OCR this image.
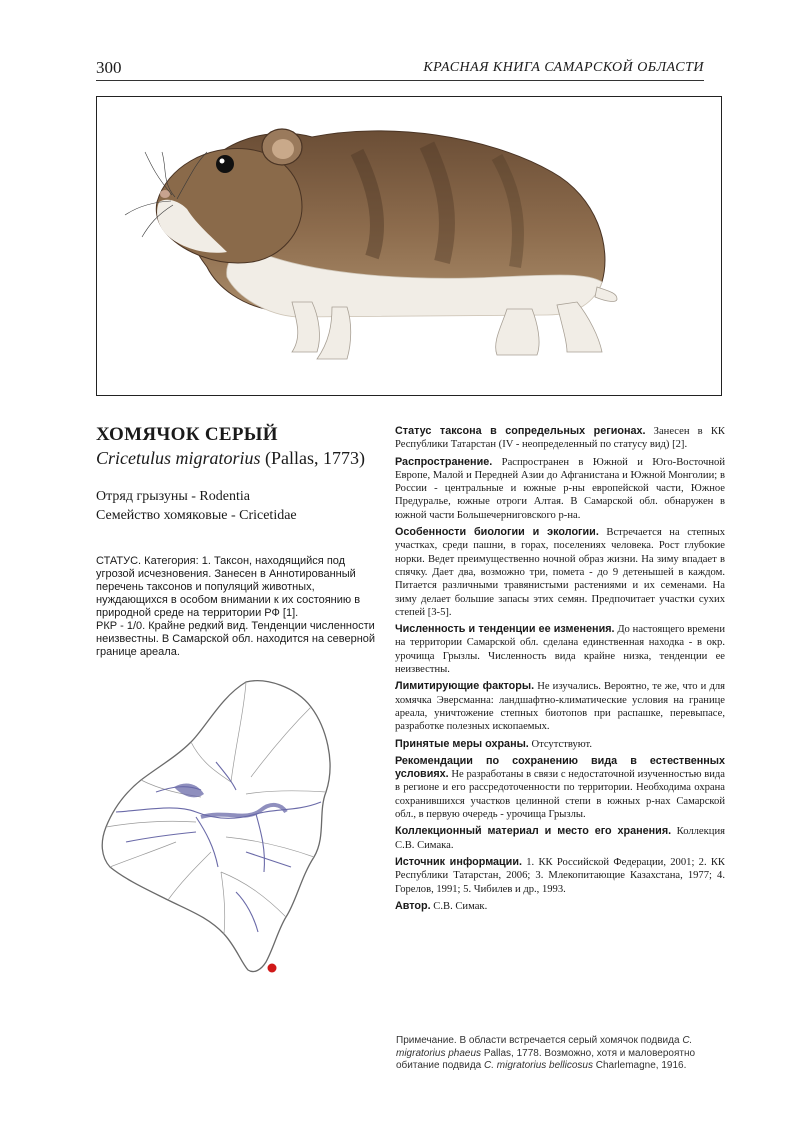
300	КРАСНАЯ КНИГА САМАРСКОЙ ОБЛАСТИ
ХОМЯЧОК СЕРЫЙ
Cricetulus migratorius (Pallas, 1773)
Отряд грызуны - Rodentia
Семейство хомяковые - Cricetidae

СТАТУС. Категория: 1. Таксон, находящийся под угрозой исчезновения. Занесен в Аннотированный перечень таксонов и популяций животных, нуждающихся в особом внимании к их состоянию в природной среде на территории РФ [1].

РКР - 1/0. Крайне редкий вид. Тенденции численности неизвестны. В Самарской обл. находится на северной границе ареала.

Статус таксона в сопредельных регионах. Занесен в КК Республики Татарстан (IV - неопределенный по статусу вид) [2].

Распространение. Распространен в Южной и Юго-Восточной Европе, Малой и Передней Азии до Афганистана и Южной Монголии; в России - центральные и южные р-ны европейской части, Южное Предуралье, южные отроги Алтая. В Самарской обл. обнаружен в южной части Большечерниговского р-на.

Особенности биологии и экологии. Встречается на степных участках, среди пашни, в горах, поселениях человека. Рост глубокие норки. Ведет преимущественно ночной образ жизни. На зиму впадает в спячку. Дает два, возможно три, помета - до 9 детенышей в каждом. Питается различными травянистыми растениями и их семенами. На зиму делает большие запасы этих семян. Предпочитает участки сухих степей [3-5].

Численность и тенденции ее изменения. До настоящего времени на территории Самарской обл. сделана единственная находка - в окр. урочища Грызлы. Численность вида крайне низка, тенденции ее неизвестны.

Лимитирующие факторы. Не изучались. Вероятно, те же, что и для хомячка Эверсманна: ландшафтно-климатические условия на границе ареала, уничтожение степных биотопов при распашке, перевыпасе, разработке полезных ископаемых.

Принятые меры охраны. Отсутствуют.

Рекомендации по сохранению вида в естественных условиях. Не разработаны в связи с недостаточной изученностью вида в регионе и его рассредоточенности по территории. Необходима охрана сохранившихся участков целинной степи в южных р-нах Самарской обл., в первую очередь - урочища Грызлы.

Коллекционный материал и место его хранения. Коллекция С.В. Симака.

Источник информации. 1. КК Российской Федерации, 2001; 2. КК Республики Татарстан, 2006; 3. Млекопитающие Казахстана, 1977; 4. Горелов, 1991; 5. Чибилев и др., 1993.

Автор. С.В. Симак.

Примечание. В области встречается серый хомячок подвида C. migratorius phaeus Pallas, 1778. Возможно, хотя и маловероятно обитание подвида C. migratorius bellicosus Charlemagne, 1916.
